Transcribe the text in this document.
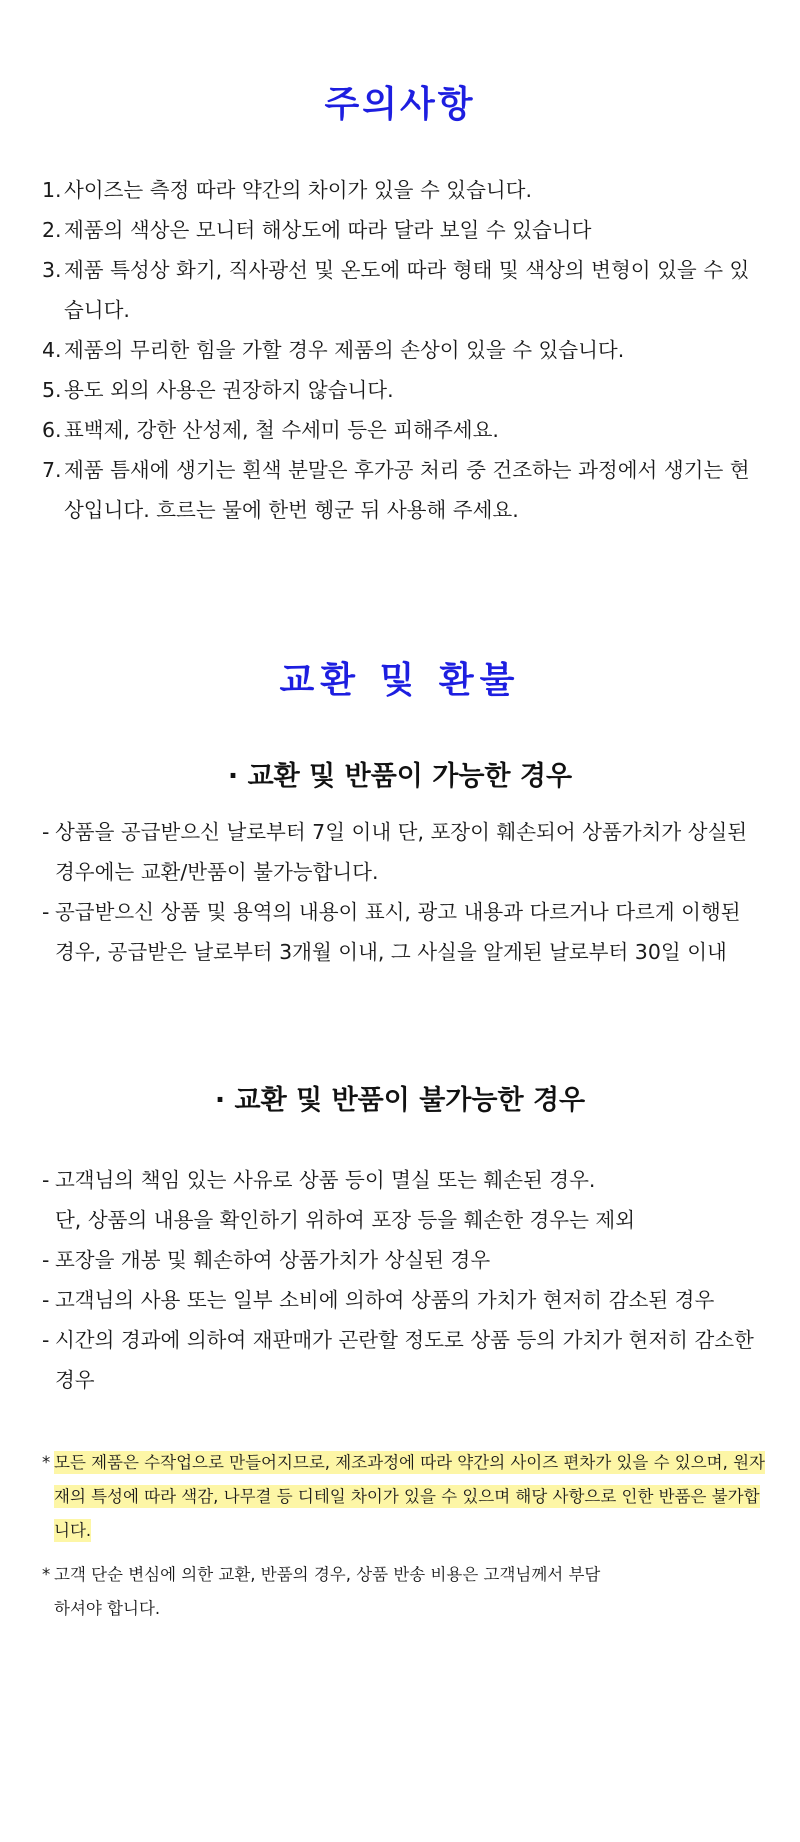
주의사항
1. 사이즈는 측정 따라 약간의 차이가 있을 수 있습니다.
2. 제품의 색상은 모니터 해상도에 따라 달라 보일 수 있습니다
3. 제품 특성상 화기, 직사광선 및 온도에 따라 형태 및 색상의 변형이 있을 수 있습니다.
4. 제품의 무리한 힘을 가할 경우 제품의 손상이 있을 수 있습니다.
5. 용도 외의 사용은 권장하지 않습니다.
6. 표백제, 강한 산성제, 철 수세미 등은 피해주세요.
7. 제품 틈새에 생기는 흰색 분말은 후가공 처리 중 건조하는 과정에서 생기는 현상입니다. 흐르는 물에 한번 헹군 뒤 사용해 주세요.
교환 및 환불
· 교환 및 반품이 가능한 경우
- 상품을 공급받으신 날로부터 7일 이내 단, 포장이 훼손되어 상품가치가 상실된 경우에는 교환/반품이 불가능합니다.
- 공급받으신 상품 및 용역의 내용이 표시, 광고 내용과 다르거나 다르게 이행된 경우, 공급받은 날로부터 3개월 이내, 그 사실을 알게된 날로부터 30일 이내
· 교환 및 반품이 불가능한 경우
- 고객님의 책임 있는 사유로 상품 등이 멸실 또는 훼손된 경우.
단, 상품의 내용을 확인하기 위하여 포장 등을 훼손한 경우는 제외
- 포장을 개봉 및 훼손하여 상품가치가 상실된 경우
- 고객님의 사용 또는 일부 소비에 의하여 상품의 가치가 현저히 감소된 경우
- 시간의 경과에 의하여 재판매가 곤란할 정도로 상품 등의 가치가 현저히 감소한 경우

* 모든 제품은 수작업으로 만들어지므로, 제조과정에 따라 약간의 사이즈 편차가 있을 수 있으며, 원자재의 특성에 따라 색감, 나무결 등 디테일 차이가 있을 수 있으며 해당 사항으로 인한 반품은 불가합니다.

* 고객 단순 변심에 의한 교환, 반품의 경우, 상품 반송 비용은 고객님께서 부담
하셔야 합니다.
